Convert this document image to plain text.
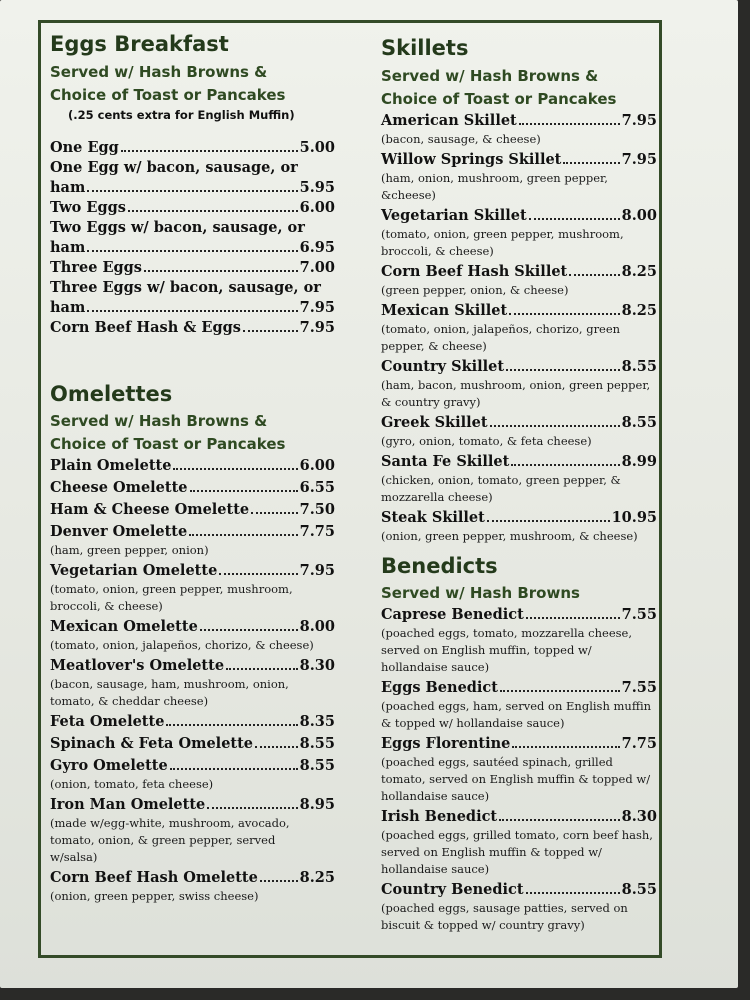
Eggs Breakfast
Served w/ Hash Browns &
Choice of Toast or Pancakes
(.25 cents extra for English Muffin)
One Egg	5.00
One Egg w/ bacon, sausage, or
ham	5.95
Two Eggs	6.00
Two Eggs w/ bacon, sausage, or
ham	6.95
Three Eggs	7.00
Three Eggs w/ bacon, sausage, or
ham	7.95
Corn Beef Hash & Eggs	7.95
Omelettes
Served w/ Hash Browns &
Choice of Toast or Pancakes
Plain Omelette	6.00
Cheese Omelette	6.55
Ham & Cheese Omelette	7.50
Denver Omelette	7.75
(ham, green pepper, onion)
Vegetarian Omelette	7.95
(tomato, onion, green pepper, mushroom,
broccoli, & cheese)
Mexican Omelette	8.00
(tomato, onion, jalapeños, chorizo, & cheese)
Meatlover's Omelette	8.30
(bacon, sausage, ham, mushroom, onion,
tomato, & cheddar cheese)
Feta Omelette	8.35
Spinach & Feta Omelette	8.55
Gyro Omelette	8.55
(onion, tomato, feta cheese)
Iron Man Omelette	8.95
(made w/egg-white, mushroom, avocado,
tomato, onion, & green pepper, served
w/salsa)
Corn Beef Hash Omelette	8.25
(onion, green pepper, swiss cheese)
Skillets
Served w/ Hash Browns &
Choice of Toast or Pancakes
American Skillet	7.95
(bacon, sausage, & cheese)
Willow Springs Skillet	7.95
(ham, onion, mushroom, green pepper,
&cheese)
Vegetarian Skillet	8.00
(tomato, onion, green pepper, mushroom,
broccoli, & cheese)
Corn Beef Hash Skillet	8.25
(green pepper, onion, & cheese)
Mexican Skillet	8.25
(tomato, onion, jalapeños, chorizo, green
pepper, & cheese)
Country Skillet	8.55
(ham, bacon, mushroom, onion, green pepper,
& country gravy)
Greek Skillet	8.55
(gyro, onion, tomato, & feta cheese)
Santa Fe Skillet	8.99
(chicken, onion, tomato, green pepper, &
mozzarella cheese)
Steak Skillet	10.95
(onion, green pepper, mushroom, & cheese)
Benedicts
Served w/ Hash Browns
Caprese Benedict	7.55
(poached eggs, tomato, mozzarella cheese,
served on English muffin, topped w/
hollandaise sauce)
Eggs Benedict	7.55
(poached eggs, ham, served on English muffin
& topped w/ hollandaise sauce)
Eggs Florentine	7.75
(poached eggs, sautéed spinach, grilled
tomato, served on English muffin & topped w/
hollandaise sauce)
Irish Benedict	8.30
(poached eggs, grilled tomato, corn beef hash,
served on English muffin & topped w/
hollandaise sauce)
Country Benedict	8.55
(poached eggs, sausage patties, served on
biscuit & topped w/ country gravy)
